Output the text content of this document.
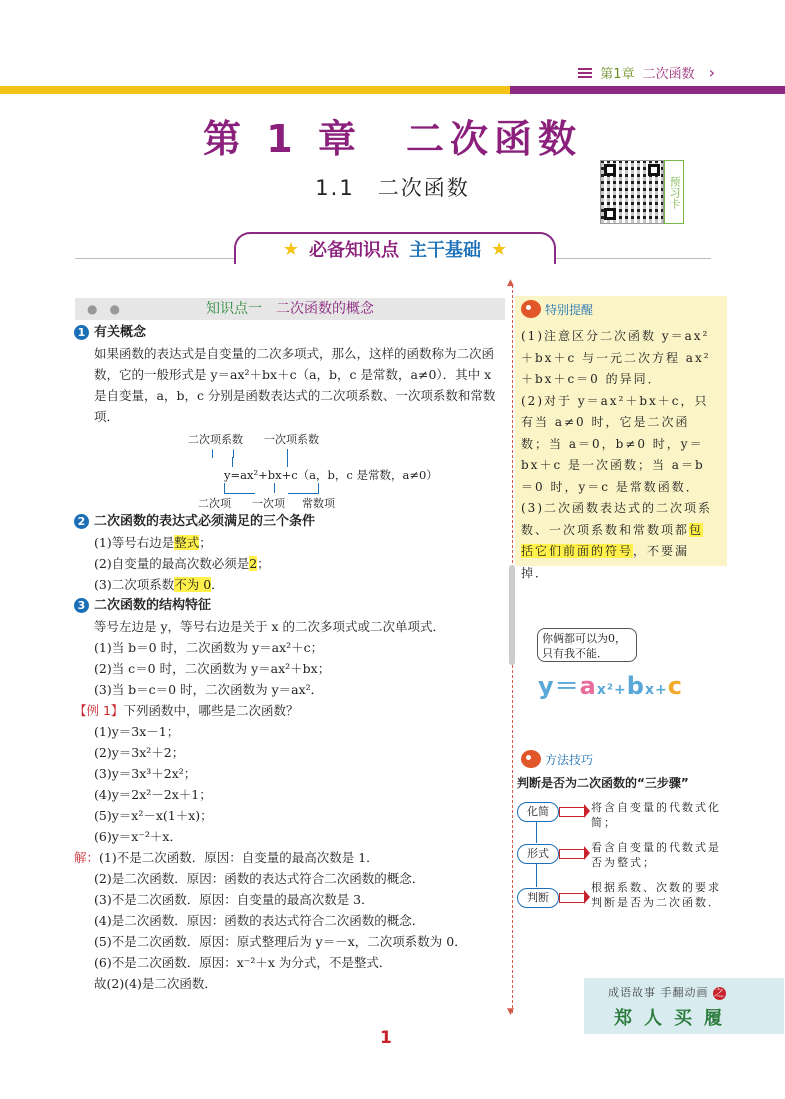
第1章 二次函数 ›
第 1 章　二次函数
1.1　二次函数	预习卡
★ 必备知识点 主干基础 ★
▲
▼
●　●	知识点一　 二次函数的概念
1 有关概念

如果函数的表达式是自变量的二次多项式，那么，这样的函数称为二次函数，它的一般形式是 y＝ax²＋bx＋c（a，b，c 是常数，a≠0）．其中 x 是自变量，a，b，c 分别是函数表达式的二次项系数、一次项系数和常数项．

二次项系数 一次项系数
y=ax²+bx+c（a，b，c 是常数，a≠0）
二次项 一次项 常数项
2 二次函数的表达式必须满足的三个条件
(1)等号右边是整式；
(2)自变量的最高次数必须是2；
(3)二次项系数不为 0．
3 二次函数的结构特征
等号左边是 y，等号右边是关于 x 的二次多项式或二次单项式．
(1)当 b＝0 时，二次函数为 y＝ax²＋c；
(2)当 c＝0 时，二次函数为 y＝ax²＋bx；
(3)当 b＝c＝0 时，二次函数为 y＝ax²．
【例 1】下列函数中，哪些是二次函数？
(1)y＝3x－1；
(2)y＝3x²＋2；
(3)y＝3x³＋2x²；
(4)y＝2x²－2x＋1；
(5)y＝x²－x(1＋x)；
(6)y＝x⁻²＋x．
解：(1)不是二次函数．原因：自变量的最高次数是 1．
(2)是二次函数．原因：函数的表达式符合二次函数的概念．
(3)不是二次函数．原因：自变量的最高次数是 3．
(4)是二次函数．原因：函数的表达式符合二次函数的概念．
(5)不是二次函数．原因：原式整理后为 y＝－x，二次项系数为 0．
(6)不是二次函数．原因：x⁻²＋x 为分式，不是整式．
故(2)(4)是二次函数．
特别提醒
(1)注意区分二次函数 y＝ax²＋bx＋c 与一元二次方程 ax²＋bx＋c＝0 的异同．
(2)对于 y＝ax²＋bx＋c，只有当 a≠0 时，它是二次函数；当 a＝0，b≠0 时，y＝bx＋c 是一次函数；当 a＝b＝0 时，y＝c 是常数函数．
(3)二次函数表达式的二次项系数、一次项系数和常数项都包括它们前面的符号，不要漏掉．
你俩都可以为0，只有我不能．
y＝ax²+bx+c
方法技巧
判断是否为二次函数的“三步骤”
化简	将含自变量的代数式化简；
形式	看含自变量的代数式是否为整式；
判断
根据系数、次数的要求判断是否为二次函数．
成语故事 手翻动画 之
郑人买履
1
